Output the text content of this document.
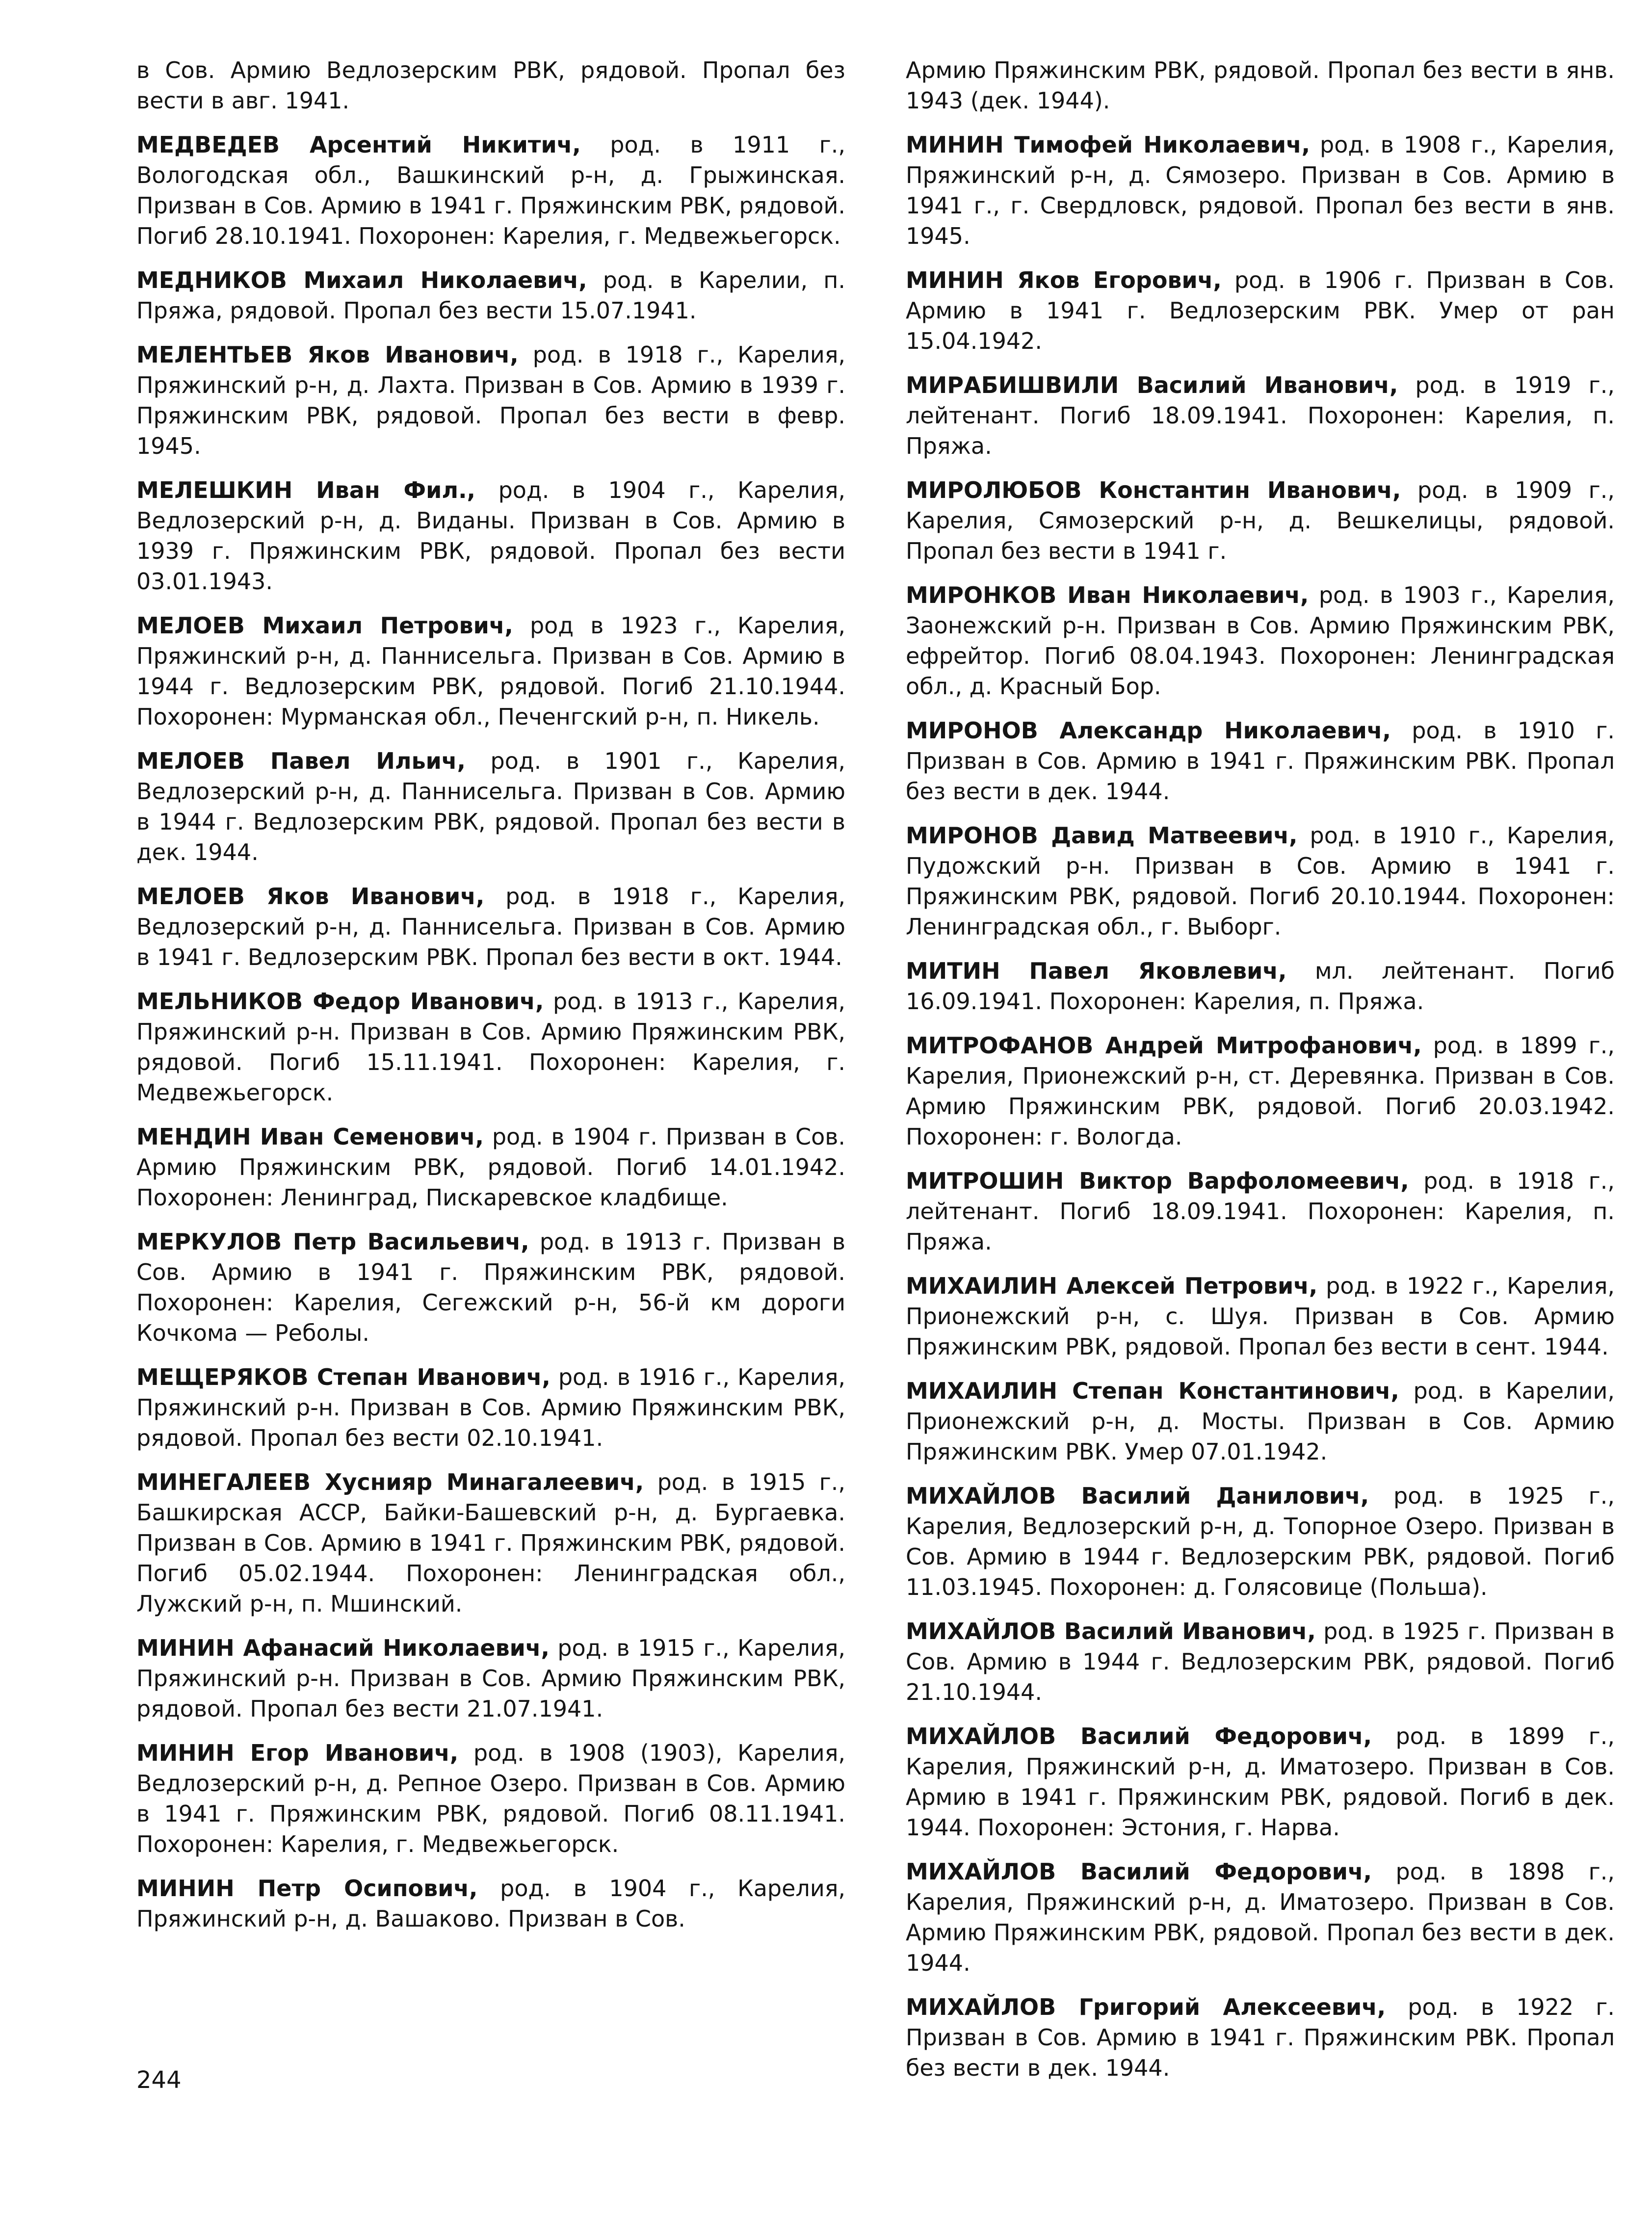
в Сов. Армию Ведлозерским РВК, рядовой. Пропал без вести в авг. 1941.

МЕДВЕДЕВ Арсентий Никитич, род. в 1911 г., Вологодская обл., Вашкинский р-н, д. Грыжинская. Призван в Сов. Армию в 1941 г. Пряжинским РВК, рядовой. Погиб 28.10.1941. Похоронен: Карелия, г. Медвежьегорск.

МЕДНИКОВ Михаил Николаевич, род. в Карелии, п. Пряжа, рядовой. Пропал без вести 15.07.1941.

МЕЛЕНТЬЕВ Яков Иванович, род. в 1918 г., Карелия, Пряжинский р-н, д. Лахта. Призван в Сов. Армию в 1939 г. Пряжинским РВК, рядовой. Пропал без вести в февр. 1945.

МЕЛЕШКИН Иван Фил., род. в 1904 г., Карелия, Ведлозерский р-н, д. Виданы. Призван в Сов. Армию в 1939 г. Пряжинским РВК, рядовой. Пропал без вести 03.01.1943.

МЕЛОЕВ Михаил Петрович, род в 1923 г., Карелия, Пряжинский р-н, д. Паннисельга. Призван в Сов. Армию в 1944 г. Ведлозерским РВК, рядовой. Погиб 21.10.1944. Похоронен: Мурманская обл., Печенгский р-н, п. Никель.

МЕЛОЕВ Павел Ильич, род. в 1901 г., Карелия, Ведлозерский р-н, д. Паннисельга. Призван в Сов. Армию в 1944 г. Ведлозерским РВК, рядовой. Пропал без вести в дек. 1944.

МЕЛОЕВ Яков Иванович, род. в 1918 г., Карелия, Ведлозерский р-н, д. Паннисельга. Призван в Сов. Армию в 1941 г. Ведлозерским РВК. Пропал без вести в окт. 1944.

МЕЛЬНИКОВ Федор Иванович, род. в 1913 г., Карелия, Пряжинский р-н. Призван в Сов. Армию Пряжинским РВК, рядовой. Погиб 15.11.1941. Похоронен: Карелия, г. Медвежьегорск.

МЕНДИН Иван Семенович, род. в 1904 г. Призван в Сов. Армию Пряжинским РВК, рядовой. Погиб 14.01.1942. Похоронен: Ленинград, Пискаревское кладбище.

МЕРКУЛОВ Петр Васильевич, род. в 1913 г. Призван в Сов. Армию в 1941 г. Пряжинским РВК, рядовой. Похоронен: Карелия, Сегежский р-н, 56-й км дороги Кочкома — Реболы.

МЕЩЕРЯКОВ Степан Иванович, род. в 1916 г., Карелия, Пряжинский р-н. Призван в Сов. Армию Пряжинским РВК, рядовой. Пропал без вести 02.10.1941.

МИНЕГАЛЕЕВ Хуснияр Минагалеевич, род. в 1915 г., Башкирская АССР, Байки-Башевский р-н, д. Бургаевка. Призван в Сов. Армию в 1941 г. Пряжинским РВК, рядовой. Погиб 05.02.1944. Похоронен: Ленинградская обл., Лужский р-н, п. Мшинский.

МИНИН Афанасий Николаевич, род. в 1915 г., Карелия, Пряжинский р-н. Призван в Сов. Армию Пряжинским РВК, рядовой. Пропал без вести 21.07.1941.

МИНИН Егор Иванович, род. в 1908 (1903), Карелия, Ведлозерский р-н, д. Репное Озеро. Призван в Сов. Армию в 1941 г. Пряжинским РВК, рядовой. Погиб 08.11.1941. Похоронен: Карелия, г. Медвежьегорск.

МИНИН Петр Осипович, род. в 1904 г., Карелия, Пряжинский р-н, д. Вашаково. Призван в Сов.

Армию Пряжинским РВК, рядовой. Пропал без вести в янв. 1943 (дек. 1944).

МИНИН Тимофей Николаевич, род. в 1908 г., Карелия, Пряжинский р-н, д. Сямозеро. Призван в Сов. Армию в 1941 г., г. Свердловск, рядовой. Пропал без вести в янв. 1945.

МИНИН Яков Егорович, род. в 1906 г. Призван в Сов. Армию в 1941 г. Ведлозерским РВК. Умер от ран 15.04.1942.

МИРАБИШВИЛИ Василий Иванович, род. в 1919 г., лейтенант. Погиб 18.09.1941. Похоронен: Карелия, п. Пряжа.

МИРОЛЮБОВ Константин Иванович, род. в 1909 г., Карелия, Сямозерский р-н, д. Вешкелицы, рядовой. Пропал без вести в 1941 г.

МИРОНКОВ Иван Николаевич, род. в 1903 г., Карелия, Заонежский р-н. Призван в Сов. Армию Пряжинским РВК, ефрейтор. Погиб 08.04.1943. Похоронен: Ленинградская обл., д. Красный Бор.

МИРОНОВ Александр Николаевич, род. в 1910 г. Призван в Сов. Армию в 1941 г. Пряжинским РВК. Пропал без вести в дек. 1944.

МИРОНОВ Давид Матвеевич, род. в 1910 г., Карелия, Пудожский р-н. Призван в Сов. Армию в 1941 г. Пряжинским РВК, рядовой. Погиб 20.10.1944. Похоронен: Ленинградская обл., г. Выборг.

МИТИН Павел Яковлевич, мл. лейтенант. Погиб 16.09.1941. Похоронен: Карелия, п. Пряжа.

МИТРОФАНОВ Андрей Митрофанович, род. в 1899 г., Карелия, Прионежский р-н, ст. Деревянка. Призван в Сов. Армию Пряжинским РВК, рядовой. Погиб 20.03.1942. Похоронен: г. Вологда.

МИТРОШИН Виктор Варфоломеевич, род. в 1918 г., лейтенант. Погиб 18.09.1941. Похоронен: Карелия, п. Пряжа.

МИХАИЛИН Алексей Петрович, род. в 1922 г., Карелия, Прионежский р-н, с. Шуя. Призван в Сов. Армию Пряжинским РВК, рядовой. Пропал без вести в сент. 1944.

МИХАИЛИН Степан Константинович, род. в Карелии, Прионежский р-н, д. Мосты. Призван в Сов. Армию Пряжинским РВК. Умер 07.01.1942.

МИХАЙЛОВ Василий Данилович, род. в 1925 г., Карелия, Ведлозерский р-н, д. Топорное Озеро. Призван в Сов. Армию в 1944 г. Ведлозерским РВК, рядовой. Погиб 11.03.1945. Похоронен: д. Голясовице (Польша).

МИХАЙЛОВ Василий Иванович, род. в 1925 г. Призван в Сов. Армию в 1944 г. Ведлозерским РВК, рядовой. Погиб 21.10.1944.

МИХАЙЛОВ Василий Федорович, род. в 1899 г., Карелия, Пряжинский р-н, д. Иматозеро. Призван в Сов. Армию в 1941 г. Пряжинским РВК, рядовой. Погиб в дек. 1944. Похоронен: Эстония, г. Нарва.

МИХАЙЛОВ Василий Федорович, род. в 1898 г., Карелия, Пряжинский р-н, д. Иматозеро. Призван в Сов. Армию Пряжинским РВК, рядовой. Пропал без вести в дек. 1944.

МИХАЙЛОВ Григорий Алексеевич, род. в 1922 г. Призван в Сов. Армию в 1941 г. Пряжинским РВК. Пропал без вести в дек. 1944.

244
